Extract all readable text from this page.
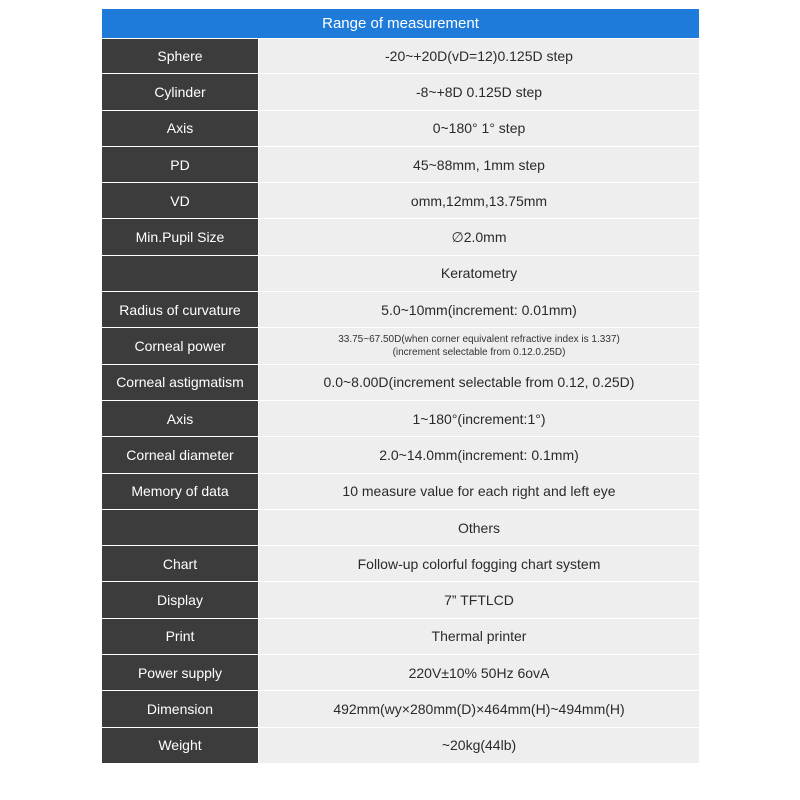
Range of measurement
Sphere	-20~+20D(vD=12)0.125D step
Cylinder	-8~+8D 0.125D step
Axis	0~180° 1° step
PD	45~88mm, 1mm step
VD	omm,12mm,13.75mm
Min.Pupil Size	∅2.0mm
Keratometry
Radius of curvature	5.0~10mm(increment: 0.01mm)
Corneal power	33.75~67.50D(when corner equivalent refractive index is 1.337)
(increment selectable from 0.12.0.25D)
Corneal astigmatism	0.0~8.00D(increment selectable from 0.12, 0.25D)
Axis	1~180°(increment:1°)
Corneal diameter	2.0~14.0mm(increment: 0.1mm)
Memory of data	10 measure value for each right and left eye
Others
Chart	Follow-up colorful fogging chart system
Display	7” TFTLCD
Print	Thermal printer
Power supply	220V±10% 50Hz 6ovA
Dimension	492mm(wy×280mm(D)×464mm(H)~494mm(H)
Weight	~20kg(44lb)
